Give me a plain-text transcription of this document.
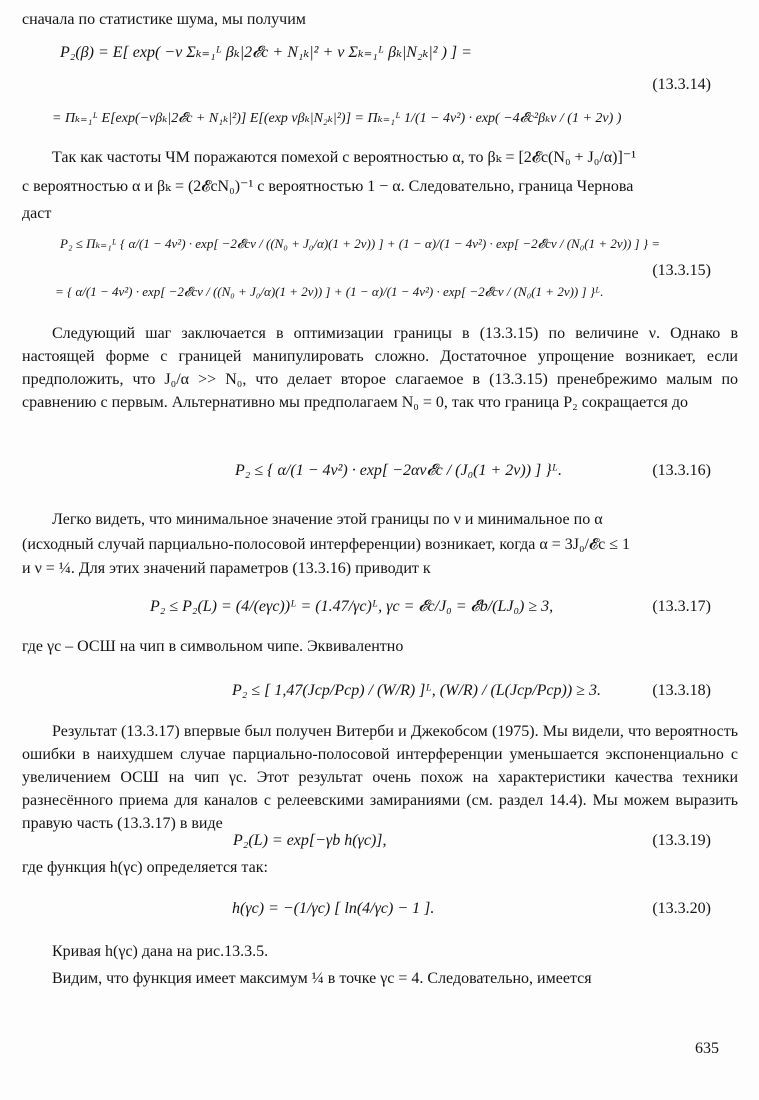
сначала по статистике шума, мы получим
P₂(β) = E[ exp( −ν Σₖ₌₁ᴸ βₖ|2𝓔c + N₁ₖ|² + ν Σₖ₌₁ᴸ βₖ|N₂ₖ|² ) ] =
= Πₖ₌₁ᴸ E[exp(−νβₖ|2𝓔c + N₁ₖ|²)] E[(exp νβₖ|N₂ₖ|²)] = Πₖ₌₁ᴸ 1/(1 − 4ν²) · exp( −4𝓔c²βₖν / (1 + 2ν) )
(13.3.14)
Так как частоты ЧМ поражаются помехой с вероятностью α, то βₖ = [2𝓔c(N₀ + J₀/α)]⁻¹
с вероятностью α и βₖ = (2𝓔cN₀)⁻¹ с вероятностью 1 − α. Следовательно, граница Чернова
даст
P₂ ≤ Πₖ₌₁ᴸ { α/(1 − 4ν²) · exp[ −2𝓔cν / ((N₀ + J₀/α)(1 + 2ν)) ] + (1 − α)/(1 − 4ν²) · exp[ −2𝓔cν / (N₀(1 + 2ν)) ] } =
= { α/(1 − 4ν²) · exp[ −2𝓔cν / ((N₀ + J₀/α)(1 + 2ν)) ] + (1 − α)/(1 − 4ν²) · exp[ −2𝓔cν / (N₀(1 + 2ν)) ] }ᴸ.
(13.3.15)
Следующий шаг заключается в оптимизации границы в (13.3.15) по величине ν. Однако в настоящей форме с границей манипулировать сложно. Достаточное упрощение возникает, если предположить, что J₀/α >> N₀, что делает второе слагаемое в (13.3.15) пренебрежимо малым по сравнению с первым. Альтернативно мы предполагаем N₀ = 0, так что граница P₂ сокращается до
P₂ ≤ { α/(1 − 4ν²) · exp[ −2αν𝓔c / (J₀(1 + 2ν)) ] }ᴸ.	(13.3.16)
Легко видеть, что минимальное значение этой границы по ν и минимальное по α
(исходный случай парциально-полосовой интерференции) возникает, когда α = 3J₀/𝓔c ≤ 1
и ν = ¼. Для этих значений параметров (13.3.16) приводит к
P₂ ≤ P₂(L) = (4/(eγc))ᴸ = (1.47/γc)ᴸ, γc = 𝓔c/J₀ = 𝓔b/(LJ₀) ≥ 3,	(13.3.17)
где γc – ОСШ на чип в символьном чипе. Эквивалентно
P₂ ≤ [ 1,47(Jср/Pср) / (W/R) ]ᴸ, (W/R) / (L(Jср/Pср)) ≥ 3.	(13.3.18)
Результат (13.3.17) впервые был получен Витерби и Джекобсом (1975). Мы видели, что вероятность ошибки в наихудшем случае парциально-полосовой интерференции уменьшается экспоненциально с увеличением ОСШ на чип γc. Этот результат очень похож на характеристики качества техники разнесённого приема для каналов с релеевскими замираниями (см. раздел 14.4). Мы можем выразить правую часть (13.3.17) в виде
P₂(L) = exp[−γb h(γc)],	(13.3.19)
где функция h(γc) определяется так:
h(γc) = −(1/γc) [ ln(4/γc) − 1 ].	(13.3.20)
Кривая h(γc) дана на рис.13.3.5.
Видим, что функция имеет максимум ¼ в точке γc = 4. Следовательно, имеется
635
